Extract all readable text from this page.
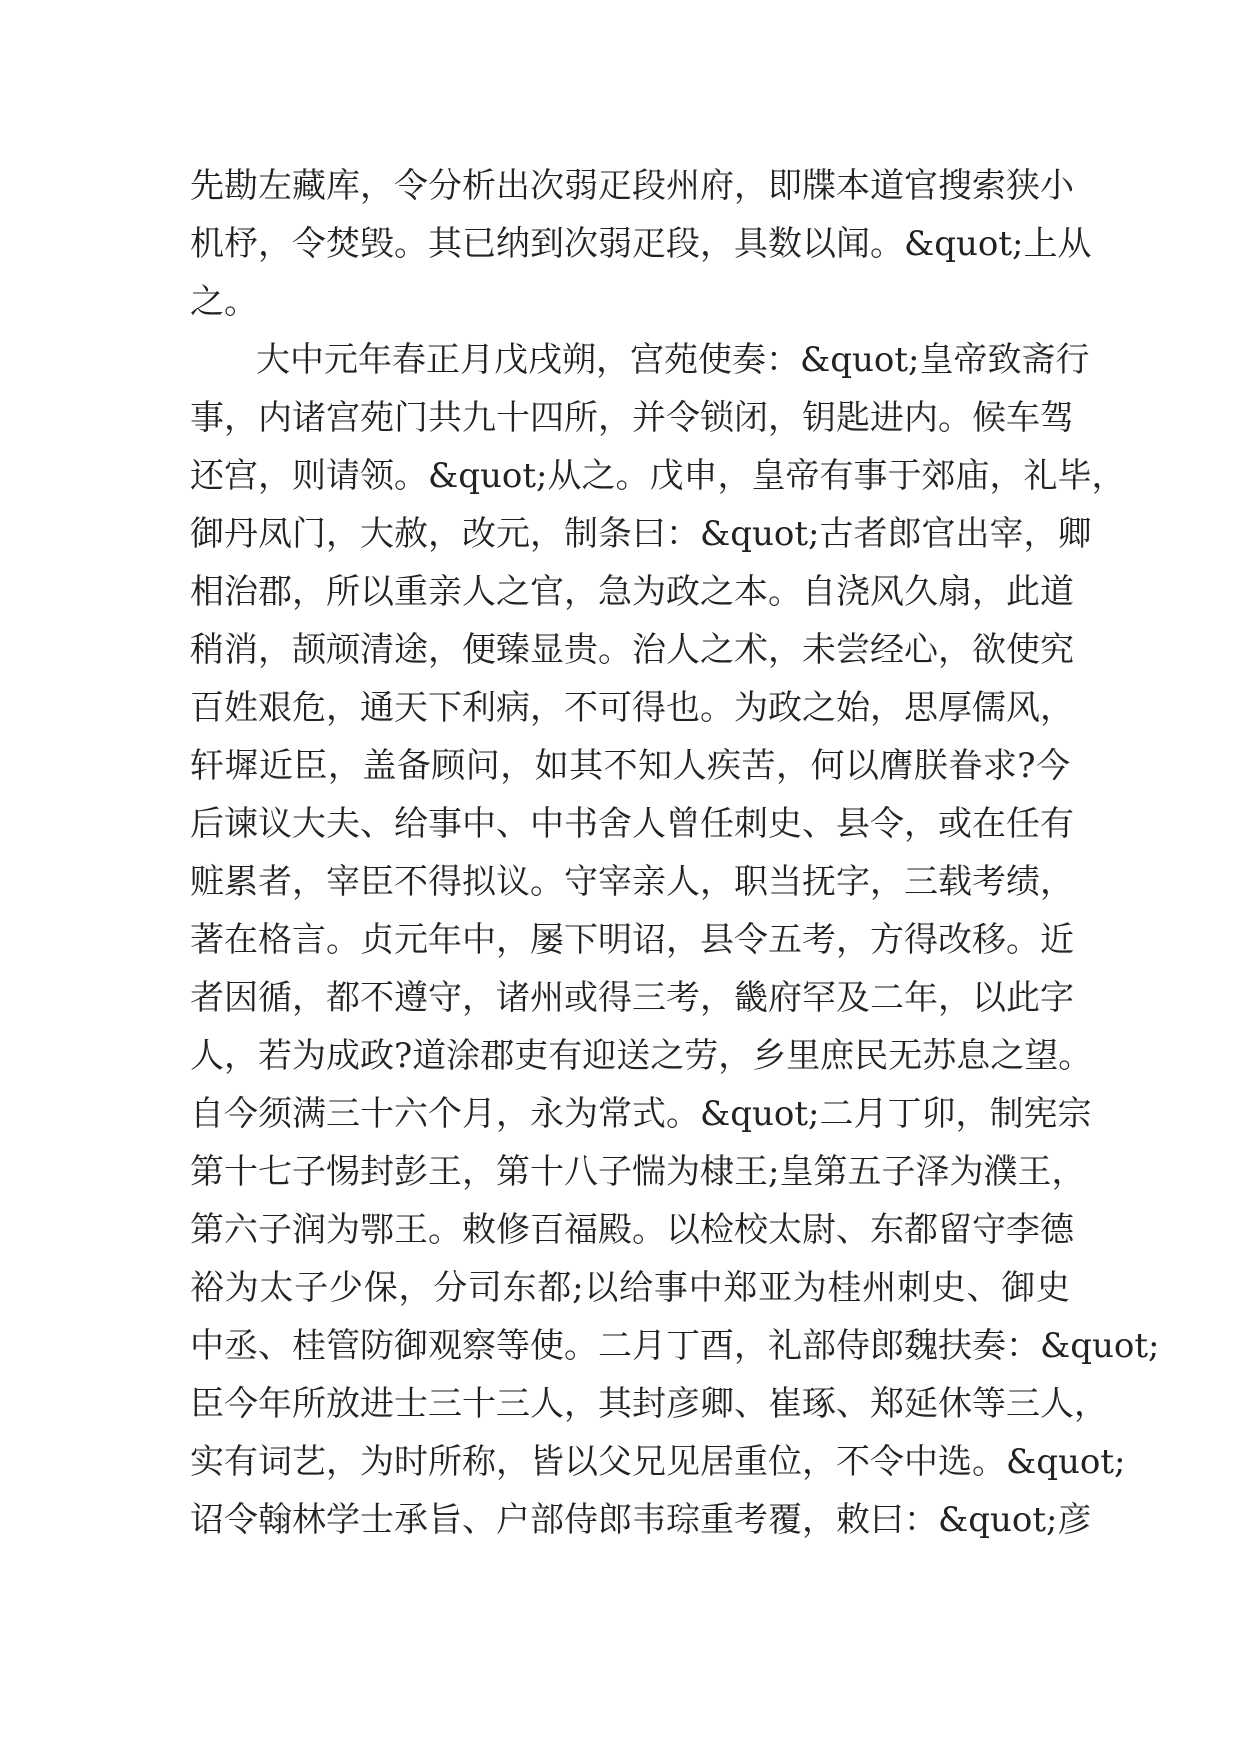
先勘左藏库，令分析出次弱疋段州府，即牒本道官搜索狭小
机杼，令焚毁。其已纳到次弱疋段，具数以闻。&quot;上从
之。
大中元年春正月戊戌朔，宫苑使奏：&quot;皇帝致斋行
事，内诸宫苑门共九十四所，并令锁闭，钥匙进内。候车驾
还宫，则请领。&quot;从之。戊申，皇帝有事于郊庙，礼毕，
御丹凤门，大赦，改元，制条曰：&quot;古者郎官出宰，卿
相治郡，所以重亲人之官，急为政之本。自浇风久扇，此道
稍消，颉颃清途，便臻显贵。治人之术，未尝经心，欲使究
百姓艰危，通天下利病，不可得也。为政之始，思厚儒风，
轩墀近臣，盖备顾问，如其不知人疾苦，何以膺朕眷求?今
后谏议大夫、给事中、中书舍人曾任刺史、县令，或在任有
赃累者，宰臣不得拟议。守宰亲人，职当抚字，三载考绩，
著在格言。贞元年中，屡下明诏，县令五考，方得改移。近
者因循，都不遵守，诸州或得三考，畿府罕及二年，以此字
人，若为成政?道涂郡吏有迎送之劳，乡里庶民无苏息之望。
自今须满三十六个月，永为常式。&quot;二月丁卯，制宪宗
第十七子惕封彭王，第十八子惴为棣王;皇第五子泽为濮王，
第六子润为鄂王。敕修百福殿。以检校太尉、东都留守李德
裕为太子少保，分司东都;以给事中郑亚为桂州刺史、御史
中丞、桂管防御观察等使。二月丁酉，礼部侍郎魏扶奏：&quot;
臣今年所放进士三十三人，其封彦卿、崔琢、郑延休等三人，
实有词艺，为时所称，皆以父兄见居重位，不令中选。&quot;
诏令翰林学士承旨、户部侍郎韦琮重考覆，敕曰：&quot;彦
